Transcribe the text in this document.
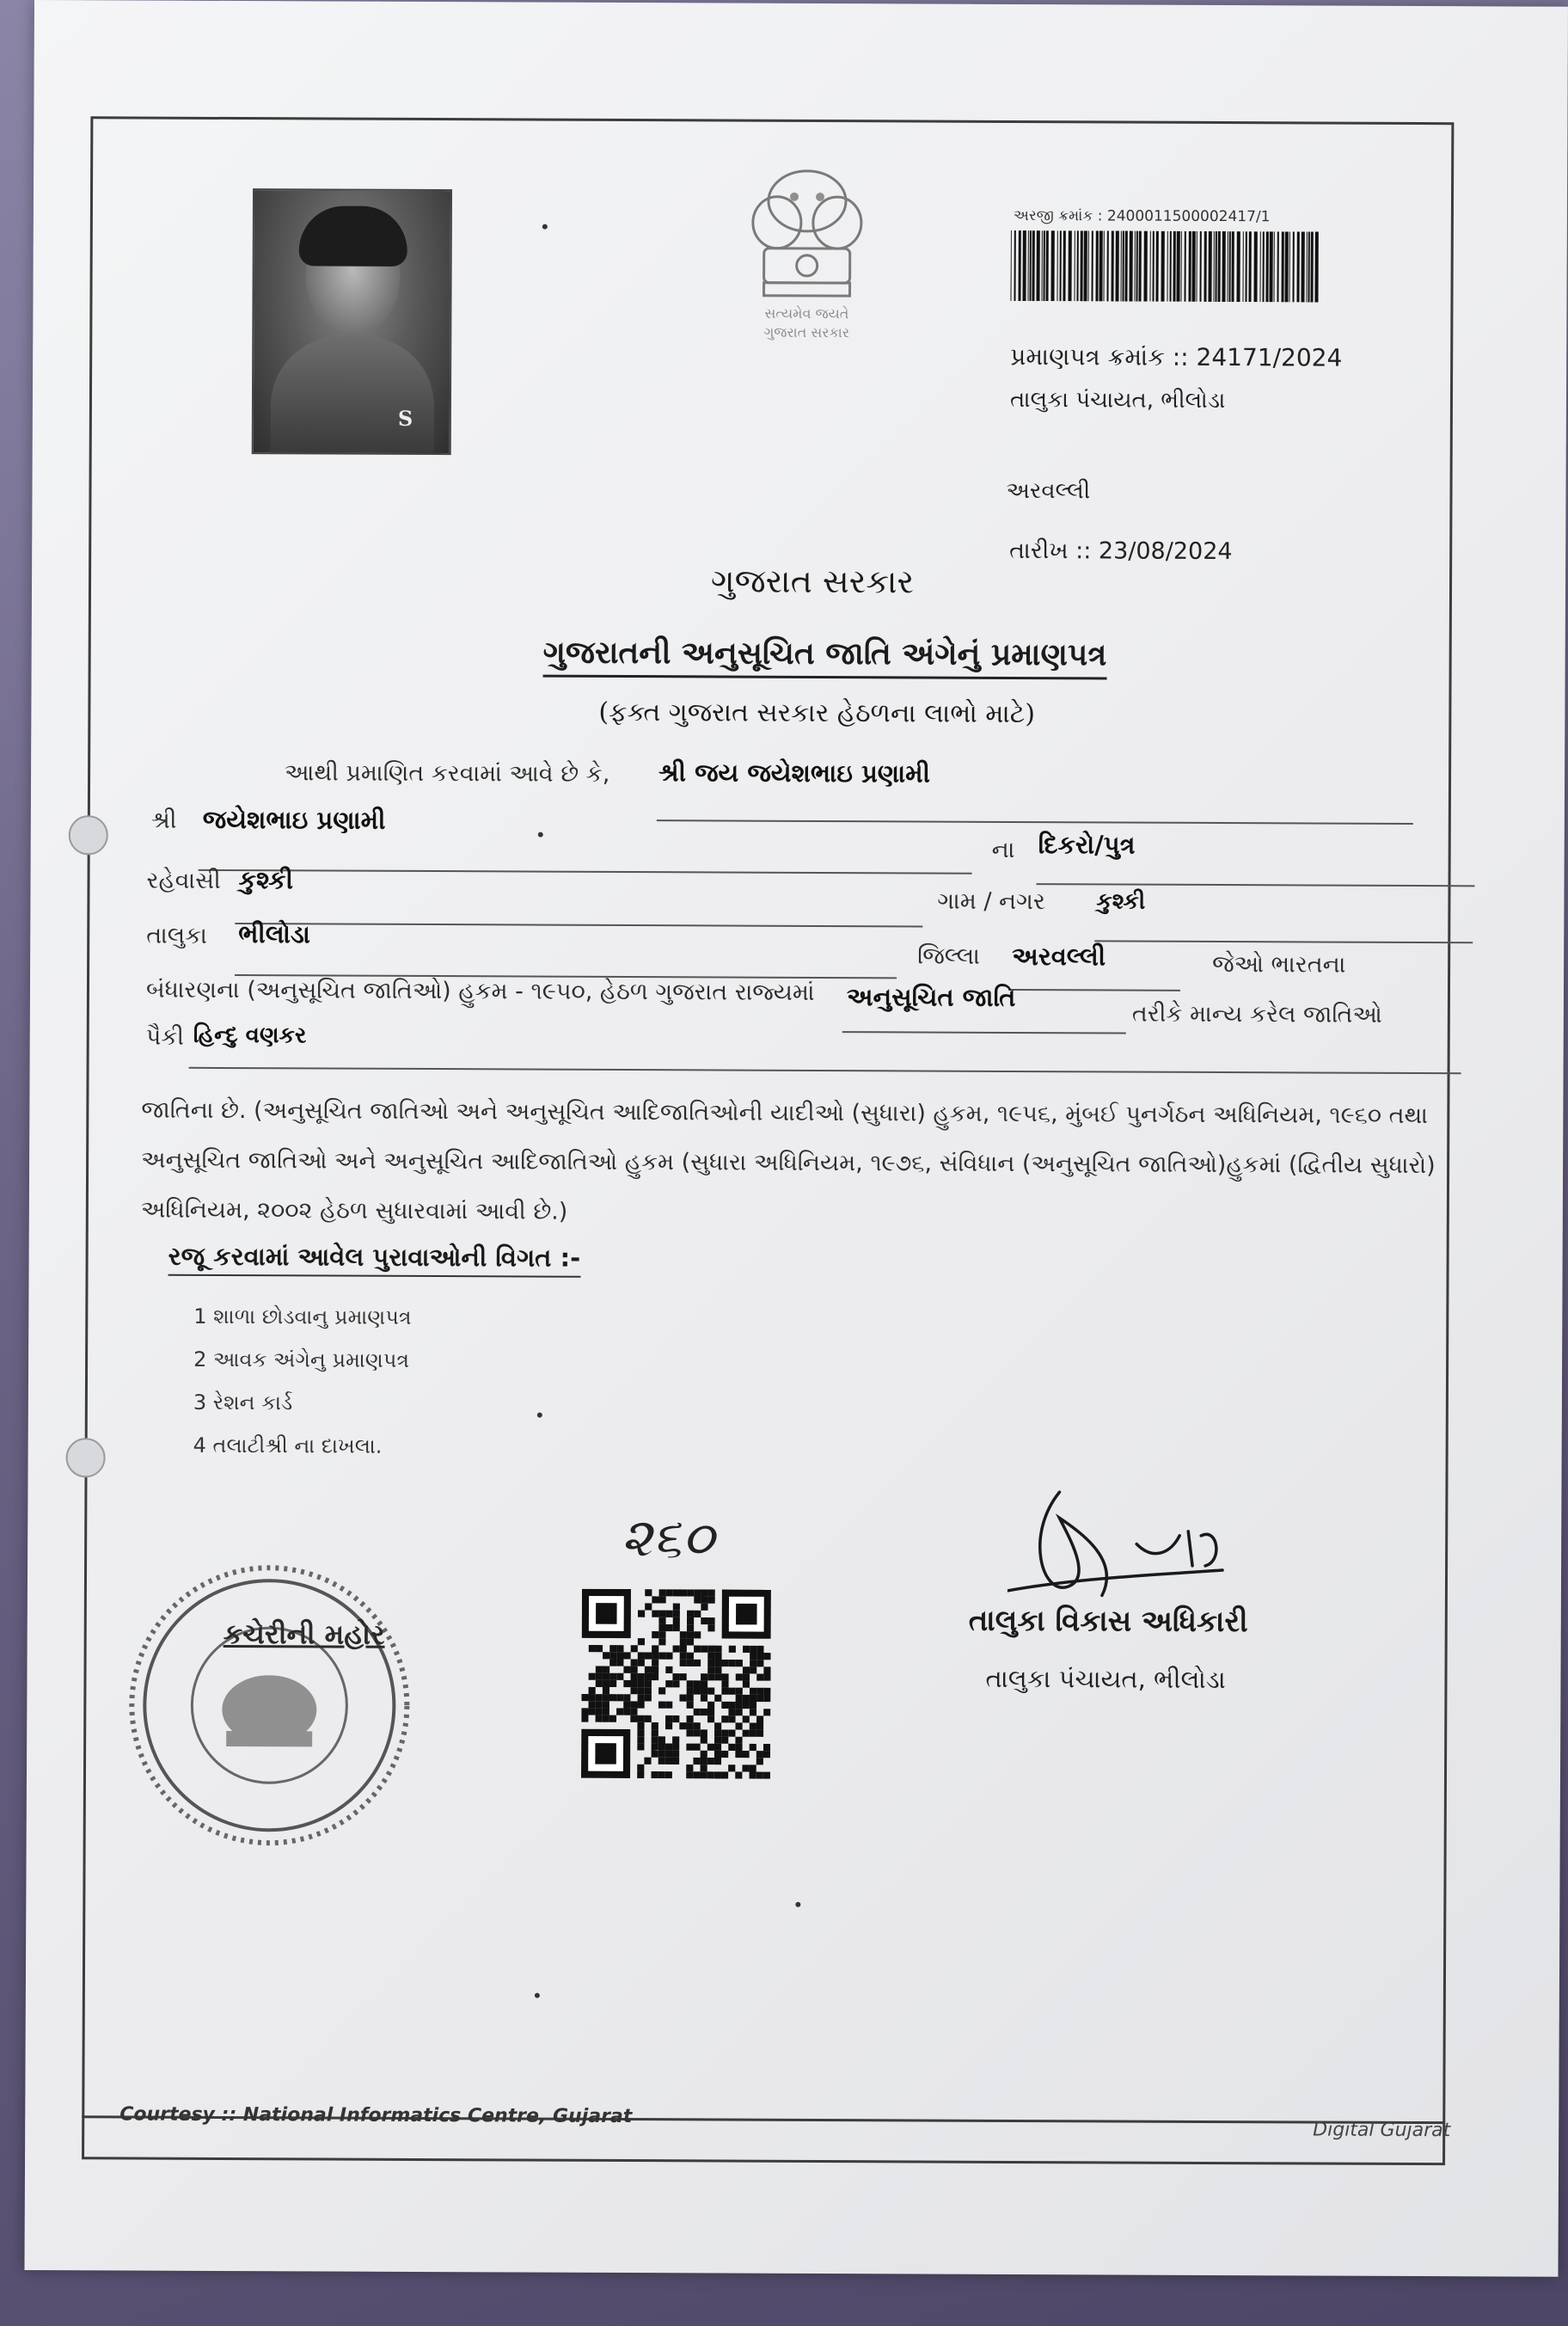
S
સત્યમેવ જયતે
ગુજરાત સરકાર
અરજી ક્રમાંક : 2400011500002417/1
પ્રમાણપત્ર ક્રમાંક :: 24171/2024
તાલુકા પંચાયત, ભીલોડા
અરવલ્લી
તારીખ :: 23/08/2024
ગુજરાત સરકાર
ગુજરાતની અનુસૂચિત જાતિ અંગેનું પ્રમાણપત્ર
(ફક્ત ગુજરાત સરકાર હેઠળના લાભો માટે)
આથી પ્રમાણિત કરવામાં આવે છે કે, શ્રી જય જયેશભાઇ પ્રણામી
શ્રી જયેશભાઇ પ્રણામી
ના દિકરો/પુત્ર
રહેવાસી કુશ્કી
ગામ / નગર કુશ્કી
તાલુકા ભીલોડા
જિલ્લા અરવલ્લી	જેઓ ભારતના
બંધારણના (અનુસૂચિત જાતિઓ) હુકમ - ૧૯૫૦, હેઠળ ગુજરાત રાજ્યમાં અનુસૂચિત જાતિ
તરીકે માન્ય કરેલ જાતિઓ
પૈકી હિન્દુ વણકર
જાતિના છે. (અનુસૂચિત જાતિઓ અને અનુસૂચિત આદિજાતિઓની યાદીઓ (સુધારા) હુકમ, ૧૯૫૬, મુંબઈ પુનર્ગઠન અધિનિયમ, ૧૯૬૦ તથા અનુસૂચિત જાતિઓ અને અનુસૂચિત આદિજાતિઓ હુકમ (સુધારા અધિનિયમ, ૧૯૭૬, સંવિધાન (અનુસૂચિત જાતિઓ)હુકમાં (દ્વિતીય સુધારો) અધિનિયમ, ૨૦૦૨ હેઠળ સુધારવામાં આવી છે.)
રજૂ કરવામાં આવેલ પુરાવાઓની વિગત :-
1 શાળા છોડવાનુ પ્રમાણપત્ર
2 આવક અંગેનુ પ્રમાણપત્ર
3 રેશન કાર્ડ
4 તલાટીશ્રી ના દાખલા.
કચેરીની મહોર
૨૬૦
તાલુકા વિકાસ અધિકારી
તાલુકા પંચાયત, ભીલોડા
Courtesy :: National Informatics Centre, Gujarat
Digital Gujarat
